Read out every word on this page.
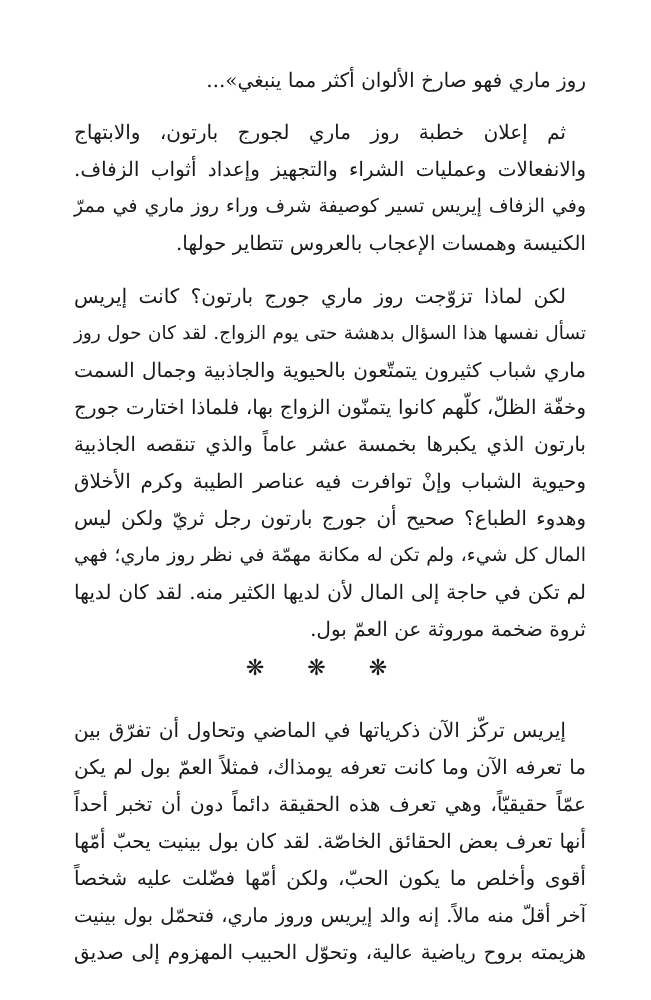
روز ماري فهو صارخ الألوان أكثر مما ينبغي»...
ثم إعلان خطبة روز ماري لجورج بارتون، والابتهاج
والانفعالات وعمليات الشراء والتجهيز وإعداد أثواب الزفاف.
وفي الزفاف إيريس تسير كوصيفة شرف وراء روز ماري في ممرّ
الكنيسة وهمسات الإعجاب بالعروس تتطاير حولها.
لكن لماذا تزوّجت روز ماري جورج بارتون؟ كانت إيريس
تسأل نفسها هذا السؤال بدهشة حتى يوم الزواج. لقد كان حول روز
ماري شباب كثيرون يتمتّعون بالحيوية والجاذبية وجمال السمت
وخفّة الظلّ، كلّهم كانوا يتمنّون الزواج بها، فلماذا اختارت جورج
بارتون الذي يكبرها بخمسة عشر عاماً والذي تنقصه الجاذبية
وحيوية الشباب وإنْ توافرت فيه عناصر الطيبة وكرم الأخلاق
وهدوء الطباع؟ صحيح أن جورج بارتون رجل ثريّ ولكن ليس
المال كل شيء، ولم تكن له مكانة مهمّة في نظر روز ماري؛ فهي
لم تكن في حاجة إلى المال لأن لديها الكثير منه. لقد كان لديها
ثروة ضخمة موروثة عن العمّ بول.
❋ ❋ ❋
إيريس تركّز الآن ذكرياتها في الماضي وتحاول أن تفرّق بين
ما تعرفه الآن وما كانت تعرفه يومذاك، فمثلاً العمّ بول لم يكن
عمّاً حقيقيّاً، وهي تعرف هذه الحقيقة دائماً دون أن تخبر أحداً
أنها تعرف بعض الحقائق الخاصّة. لقد كان بول بينيت يحبّ أمّها
أقوى وأخلص ما يكون الحبّ، ولكن أمّها فضّلت عليه شخصاً
آخر أقلّ منه مالاً. إنه والد إيريس وروز ماري، فتحمّل بول بينيت
هزيمته بروح رياضية عالية، وتحوّل الحبيب المهزوم إلى صديق
